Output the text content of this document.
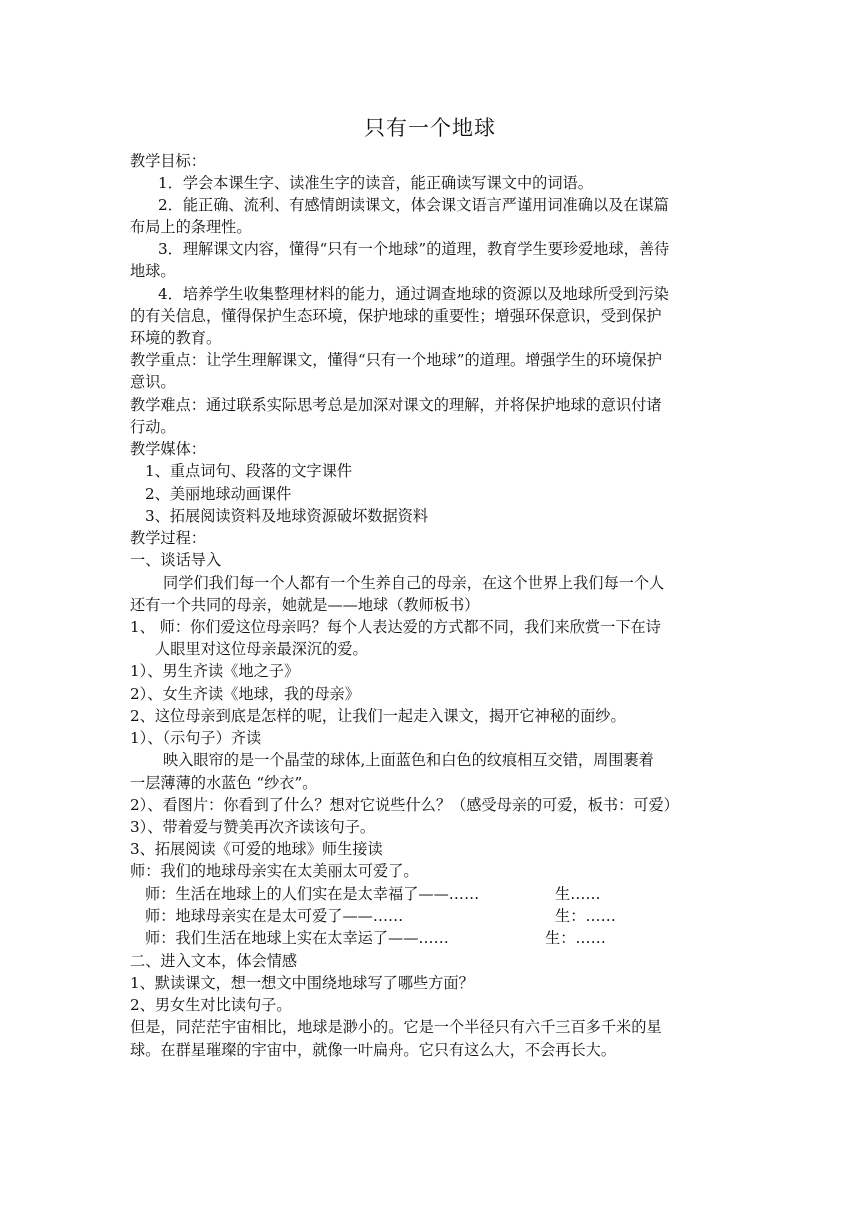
只有一个地球
教学目标：
1．学会本课生字、读准生字的读音，能正确读写课文中的词语。
2．能正确、流利、有感情朗读课文，体会课文语言严谨用词准确以及在谋篇
布局上的条理性。
3．理解课文内容，懂得“只有一个地球”的道理，教育学生要珍爱地球，善待
地球。
4．培养学生收集整理材料的能力，通过调查地球的资源以及地球所受到污染
的有关信息，懂得保护生态环境，保护地球的重要性；增强环保意识，受到保护
环境的教育。
教学重点：让学生理解课文，懂得“只有一个地球”的道理。增强学生的环境保护
意识。
教学难点：通过联系实际思考总是加深对课文的理解，并将保护地球的意识付诸
行动。
教学媒体：
1、重点词句、段落的文字课件
2、美丽地球动画课件
3、拓展阅读资料及地球资源破坏数据资料
教学过程：
一、谈话导入
同学们我们每一个人都有一个生养自己的母亲，在这个世界上我们每一个人
还有一个共同的母亲，她就是——地球（教师板书）
1、 师：你们爱这位母亲吗？每个人表达爱的方式都不同，我们来欣赏一下在诗
人眼里对这位母亲最深沉的爱。
1）、男生齐读《地之子》
2）、女生齐读《地球，我的母亲》
2、这位母亲到底是怎样的呢，让我们一起走入课文，揭开它神秘的面纱。
1）、（示句子）齐读
映入眼帘的是一个晶莹的球体,上面蓝色和白色的纹痕相互交错，周围裹着
一层薄薄的水蓝色 “纱衣”。
2）、看图片：你看到了什么？想对它说些什么？（感受母亲的可爱，板书：可爱）
3）、带着爱与赞美再次齐读该句子。
3、拓展阅读《可爱的地球》师生接读
师：我们的地球母亲实在太美丽太可爱了。
师：生活在地球上的人们实在是太幸福了——……	生……
师：地球母亲实在是太可爱了——……	生：……
师：我们生活在地球上实在太幸运了——……	生：……
二、进入文本，体会情感
1、默读课文，想一想文中围绕地球写了哪些方面？
2、男女生对比读句子。
但是，同茫茫宇宙相比，地球是渺小的。它是一个半径只有六千三百多千米的星
球。在群星璀璨的宇宙中，就像一叶扁舟。它只有这么大，不会再长大。
